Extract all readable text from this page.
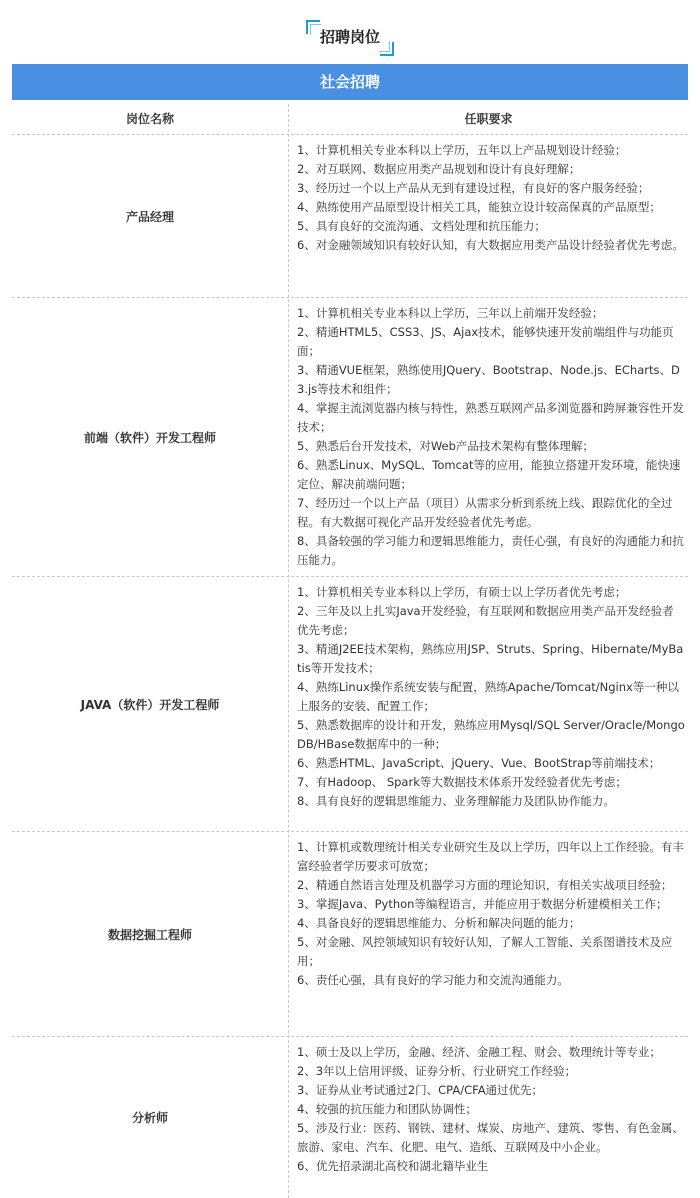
招聘岗位
社会招聘
岗位名称	任职要求
产品经理

1、计算机相关专业本科以上学历，五年以上产品规划设计经验；

2、对互联网、数据应用类产品规划和设计有良好理解；

3、经历过一个以上产品从无到有建设过程，有良好的客户服务经验；

4、熟练使用产品原型设计相关工具，能独立设计较高保真的产品原型；

5、具有良好的交流沟通、文档处理和抗压能力；

6、对金融领域知识有较好认知，有大数据应用类产品设计经验者优先考虑。

前端（软件）开发工程师

1、计算机相关专业本科以上学历，三年以上前端开发经验；

2、精通HTML5、CSS3、JS、Ajax技术，能够快速开发前端组件与功能页面；

3、精通VUE框架，熟练使用JQuery、Bootstrap、Node.js、ECharts、D3.js等技术和组件；

4、掌握主流浏览器内核与特性，熟悉互联网产品多浏览器和跨屏兼容性开发技术；

5、熟悉后台开发技术，对Web产品技术架构有整体理解；

6、熟悉Linux、MySQL、Tomcat等的应用，能独立搭建开发环境，能快速定位、解决前端问题；

7、经历过一个以上产品（项目）从需求分析到系统上线、跟踪优化的全过程。有大数据可视化产品开发经验者优先考虑。

8、具备较强的学习能力和逻辑思维能力，责任心强，有良好的沟通能力和抗压能力。

JAVA（软件）开发工程师

1、计算机相关专业本科以上学历，有硕士以上学历者优先考虑；

2、三年及以上扎实Java开发经验，有互联网和数据应用类产品开发经验者优先考虑；

3、精通J2EE技术架构，熟练应用JSP、Struts、Spring、Hibernate/MyBatis等开发技术；

4、熟练Linux操作系统安装与配置，熟练Apache/Tomcat/Nginx等一种以上服务的安装、配置工作；

5、熟悉数据库的设计和开发，熟练应用Mysql/SQL Server/Oracle/MongoDB/HBase数据库中的一种；

6、熟悉HTML、JavaScript、jQuery、Vue、BootStrap等前端技术；

7、有Hadoop、 Spark等大数据技术体系开发经验者优先考虑；

8、具有良好的逻辑思维能力、业务理解能力及团队协作能力。

数据挖掘工程师

1、计算机或数理统计相关专业研究生及以上学历，四年以上工作经验。有丰富经验者学历要求可放宽；

2、精通自然语言处理及机器学习方面的理论知识，有相关实战项目经验；

3、掌握Java、Python等编程语言，并能应用于数据分析建模相关工作；

4、具备良好的逻辑思维能力、分析和解决问题的能力；

5、对金融、风控领域知识有较好认知，了解人工智能、关系图谱技术及应用；

6、责任心强，具有良好的学习能力和交流沟通能力。

分析师

1、硕士及以上学历，金融、经济、金融工程、财会、数理统计等专业；

2、3年以上信用评级、证券分析、行业研究工作经验；

3、证券从业考试通过2门、CPA/CFA通过优先；

4、较强的抗压能力和团队协调性；

5、涉及行业：医药、钢铁、建材、煤炭、房地产、建筑、零售、有色金属、旅游、家电、汽车、化肥、电气、造纸、互联网及中小企业。

6、优先招录湖北高校和湖北籍毕业生
